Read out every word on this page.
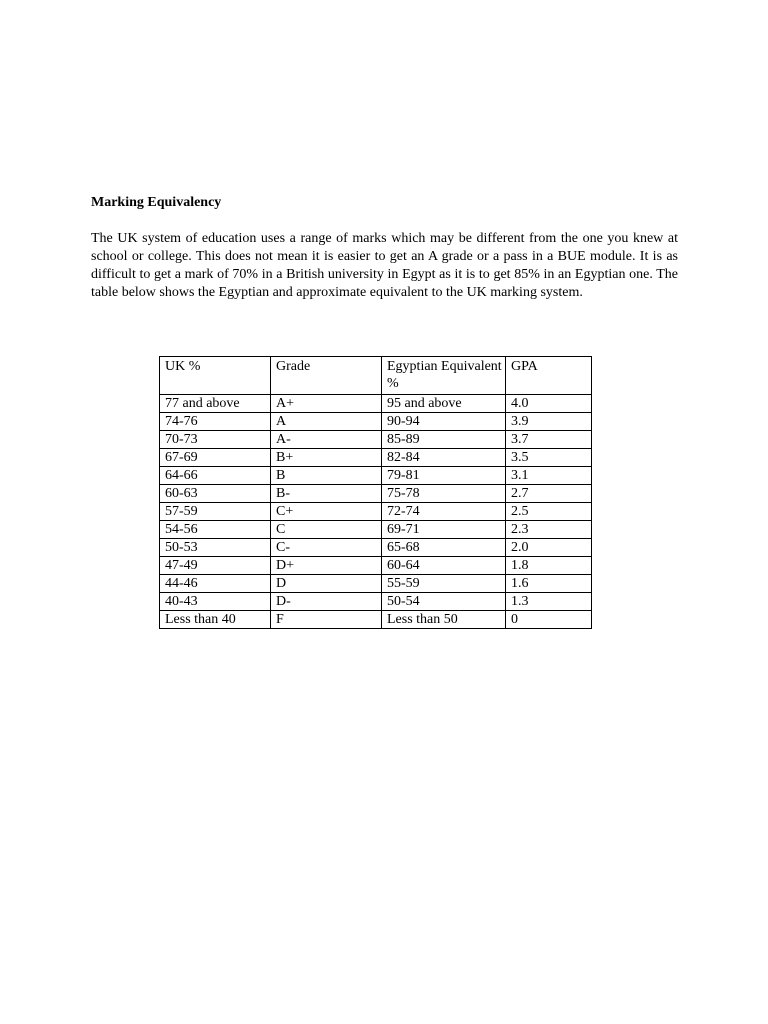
Marking Equivalency

The UK system of education uses a range of marks which may be different from the one you knew at school or college. This does not mean it is easier to get an A grade or a pass in a BUE module. It is as difficult to get a mark of 70% in a British university in Egypt as it is to get 85% in an Egyptian one. The table below shows the Egyptian and approximate equivalent to the UK marking system.

UK %	Grade	Egyptian Equivalent %	GPA
77 and above	A+	95 and above	4.0
74-76	A	90-94	3.9
70-73	A-	85-89	3.7
67-69	B+	82-84	3.5
64-66	B	79-81	3.1
60-63	B-	75-78	2.7
57-59	C+	72-74	2.5
54-56	C	69-71	2.3
50-53	C-	65-68	2.0
47-49	D+	60-64	1.8
44-46	D	55-59	1.6
40-43	D-	50-54	1.3
Less than 40	F	Less than 50	0
